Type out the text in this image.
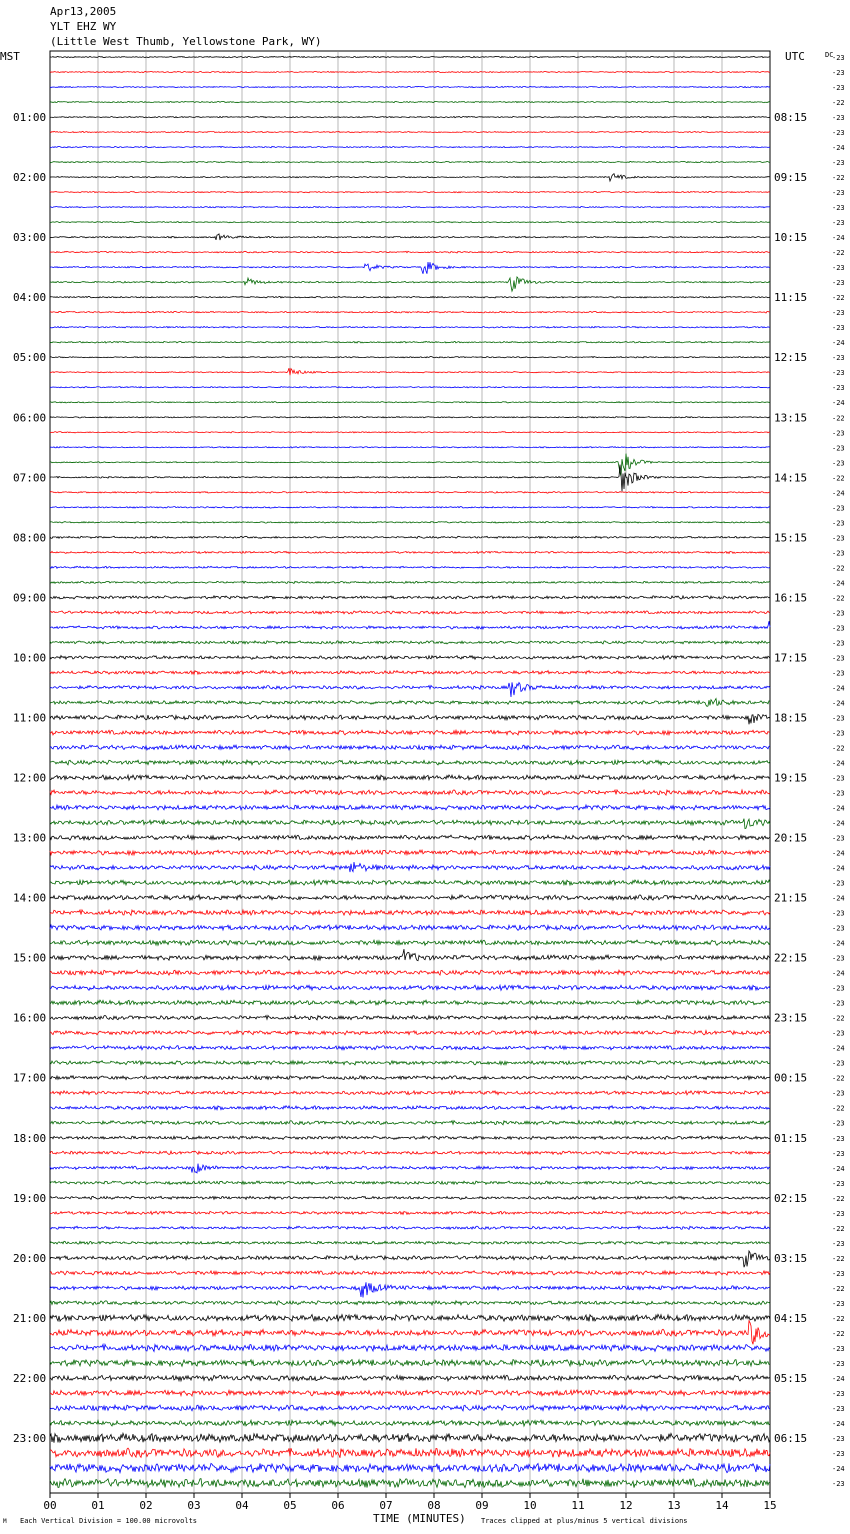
Apr13,2005
YLT EHZ WY
(Little West Thumb, Yellowstone Park, WY)
MST	UTC	-23
-23
-23
-22
-23
-23
-24
-23
-22
-23
-23
-23
-24
-22
-23
-23
-22
-23
-23
-24
-23
-23
-23
-24
-22
-23
-23
-23
-22
-24
-23
-23
-23
-23
-22
-24
-22
-23
-23
-23
-23
-23
-24
-24
-23
-23
-22
-24
-23
-23
-24
-24
-23
-24
-24
-23
-24
-23
-23
-24
-23
-24
-23
-23
-22
-23
-24
-23
-22
-23
-22
-23
-23
-23
-24
-23
-22
-23
-22
-23
-22
-23
-22
-23
-22
-22
-23
-23
-24
-23
-23
-24
-23
-23
-24
-23
01:00
02:00
03:00
04:00
05:00
06:00
07:00
08:00
09:00
10:00
11:00
12:00
13:00
14:00
15:00
16:00
17:00
18:00
19:00
20:00
21:00
22:00
23:00
08:15
09:15
10:15
11:15
12:15
13:15
14:15
15:15
16:15
17:15
18:15
19:15
20:15
21:15
22:15
23:15
00:15
01:15
02:15
03:15
04:15
05:15
06:15
DC
00	01	02	03	04	05	06	07	08	09	10	11	12	13	14	15
M Each Vertical Division = 100.00 microvolts	TIME (MINUTES) Traces clipped at plus/minus 5 vertical divisions
